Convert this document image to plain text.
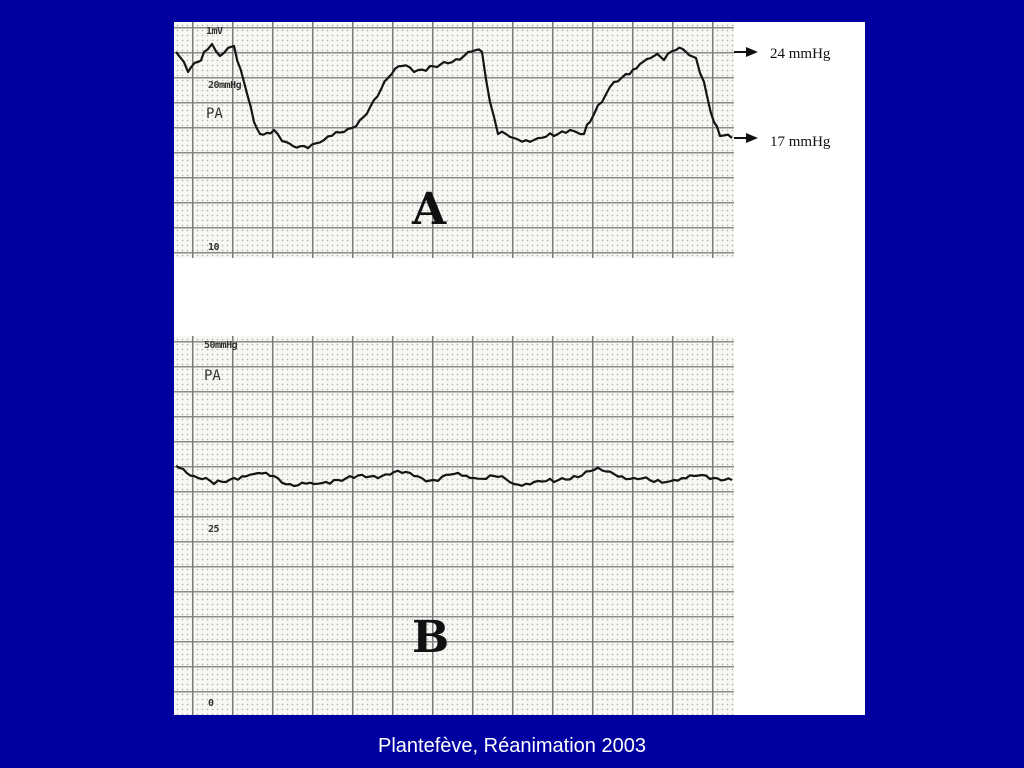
1mV
20mmHg
PA
10
A
24 mmHg
17 mmHg
50mmHg
PA
25
0
B
Plantefève, Réanimation 2003
